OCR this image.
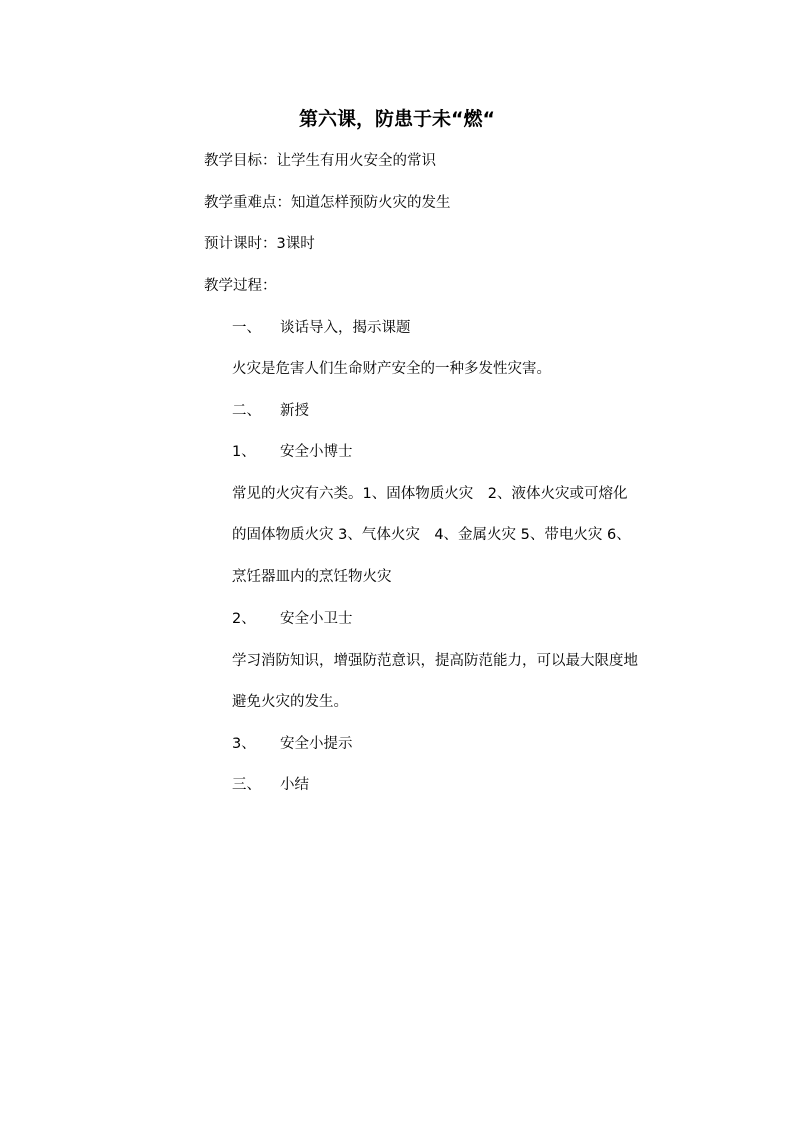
第六课，防患于未“燃“
教学目标：让学生有用火安全的常识
教学重难点：知道怎样预防火灾的发生
预计课时：3课时
教学过程：
一、 谈话导入，揭示课题
火灾是危害人们生命财产安全的一种多发性灾害。
二、 新授
1、 安全小博士
常见的火灾有六类。1、固体物质火灾　2、液体火灾或可熔化
的固体物质火灾 3、气体火灾　4、金属火灾 5、带电火灾 6、
烹饪器皿内的烹饪物火灾
2、 安全小卫士
学习消防知识，增强防范意识，提高防范能力，可以最大限度地
避免火灾的发生。
3、 安全小提示
三、 小结
